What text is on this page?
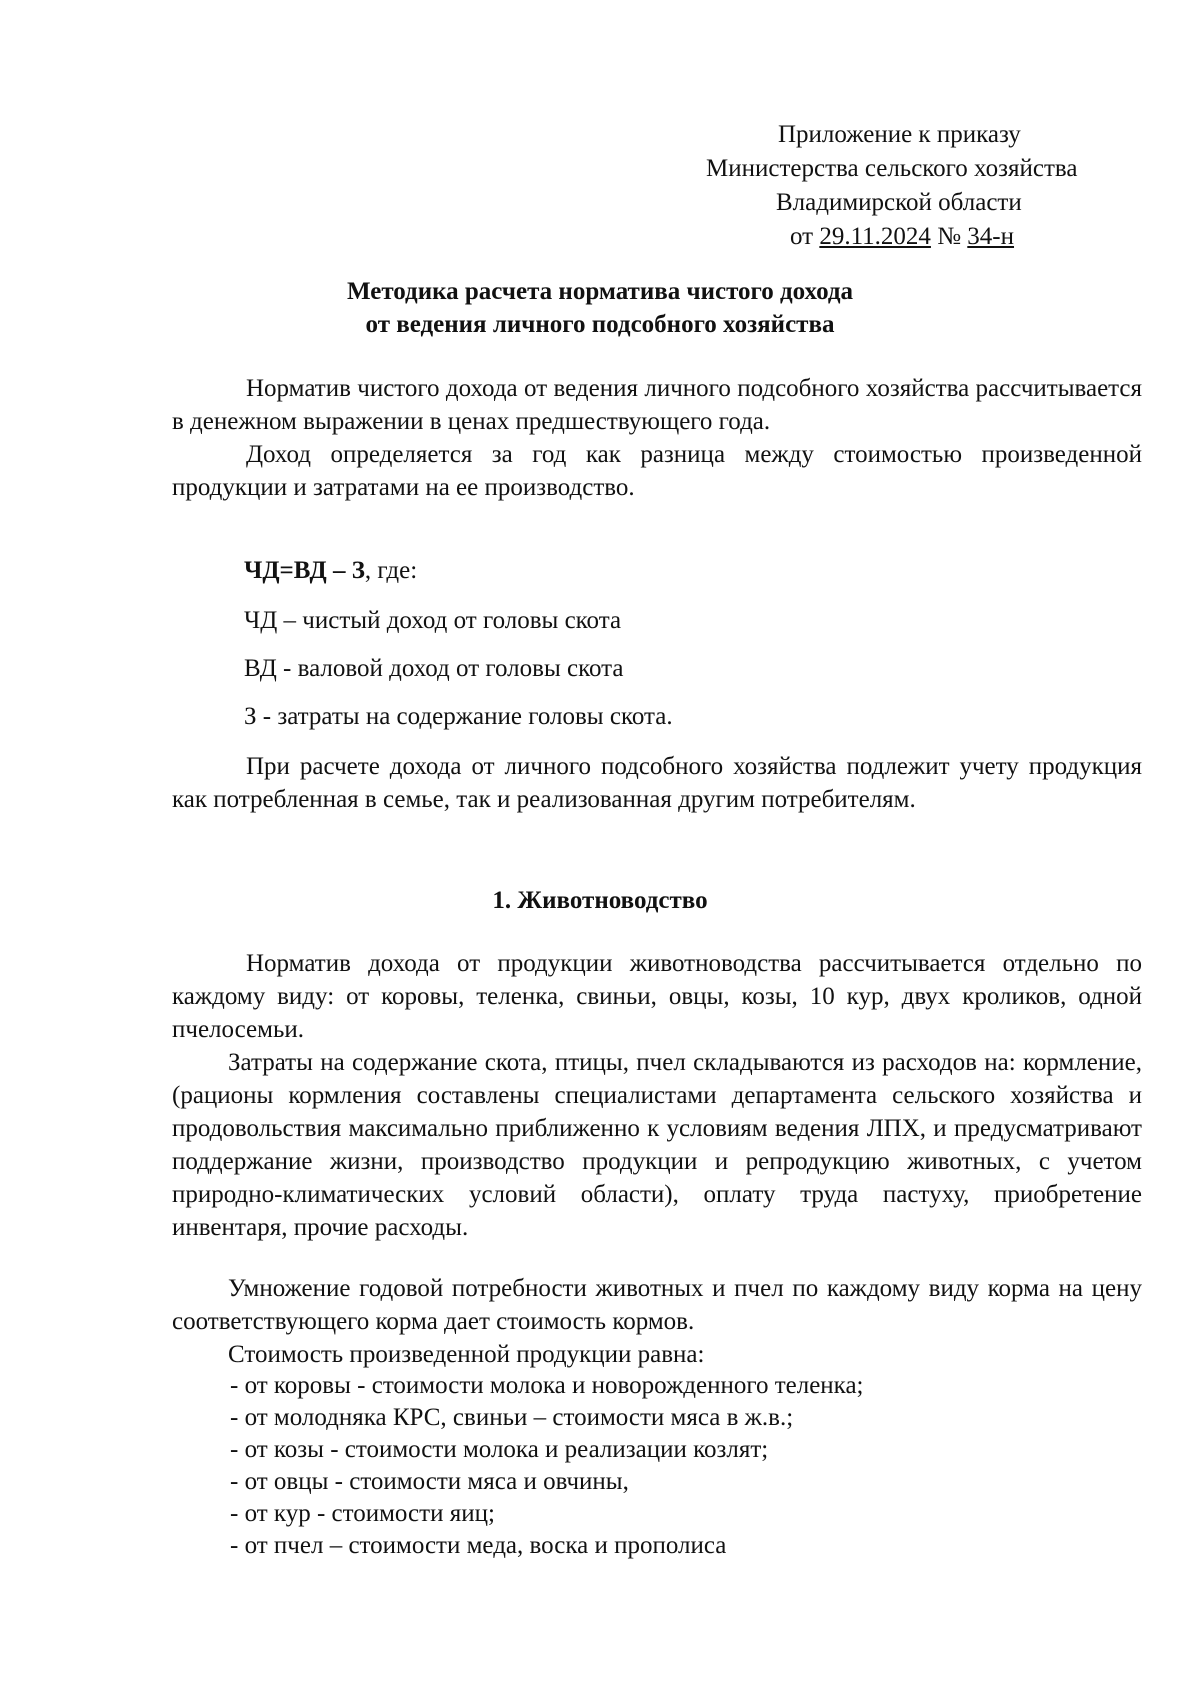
Приложение к приказу
Министерства сельского хозяйства
Владимирской области
от 29.11.2024 № 34-н
Методика расчета норматива чистого дохода
от ведения личного подсобного хозяйства
Норматив чистого дохода от ведения личного подсобного хозяйства рассчитывается в денежном выражении в ценах предшествующего года.
Доход определяется за год как разница между стоимостью произведенной продукции и затратами на ее производство.
ЧД=ВД – З, где:
ЧД – чистый доход от головы скота
ВД - валовой доход от головы скота
З - затраты на содержание головы скота.
При расчете дохода от личного подсобного хозяйства подлежит учету продукция как потребленная в семье, так и реализованная другим потребителям.
1. Животноводство
Норматив дохода от продукции животноводства рассчитывается отдельно по каждому виду: от коровы, теленка, свиньи, овцы, козы, 10 кур, двух кроликов, одной пчелосемьи.
Затраты на содержание скота, птицы, пчел складываются из расходов на: кормление, (рационы кормления составлены специалистами департамента сельского хозяйства и продовольствия максимально приближенно к условиям ведения ЛПХ, и предусматривают поддержание жизни, производство продукции и репродукцию животных, с учетом природно-климатических условий области), оплату труда пастуху, приобретение инвентаря, прочие расходы.
Умножение годовой потребности животных и пчел по каждому виду корма на цену соответствующего корма дает стоимость кормов.
Стоимость произведенной продукции равна:
- от коровы - стоимости молока и новорожденного теленка;
- от молодняка КРС, свиньи – стоимости мяса в ж.в.;
- от козы - стоимости молока и реализации козлят;
- от овцы - стоимости мяса и овчины,
- от кур - стоимости яиц;
- от пчел – стоимости меда, воска и прополиса
